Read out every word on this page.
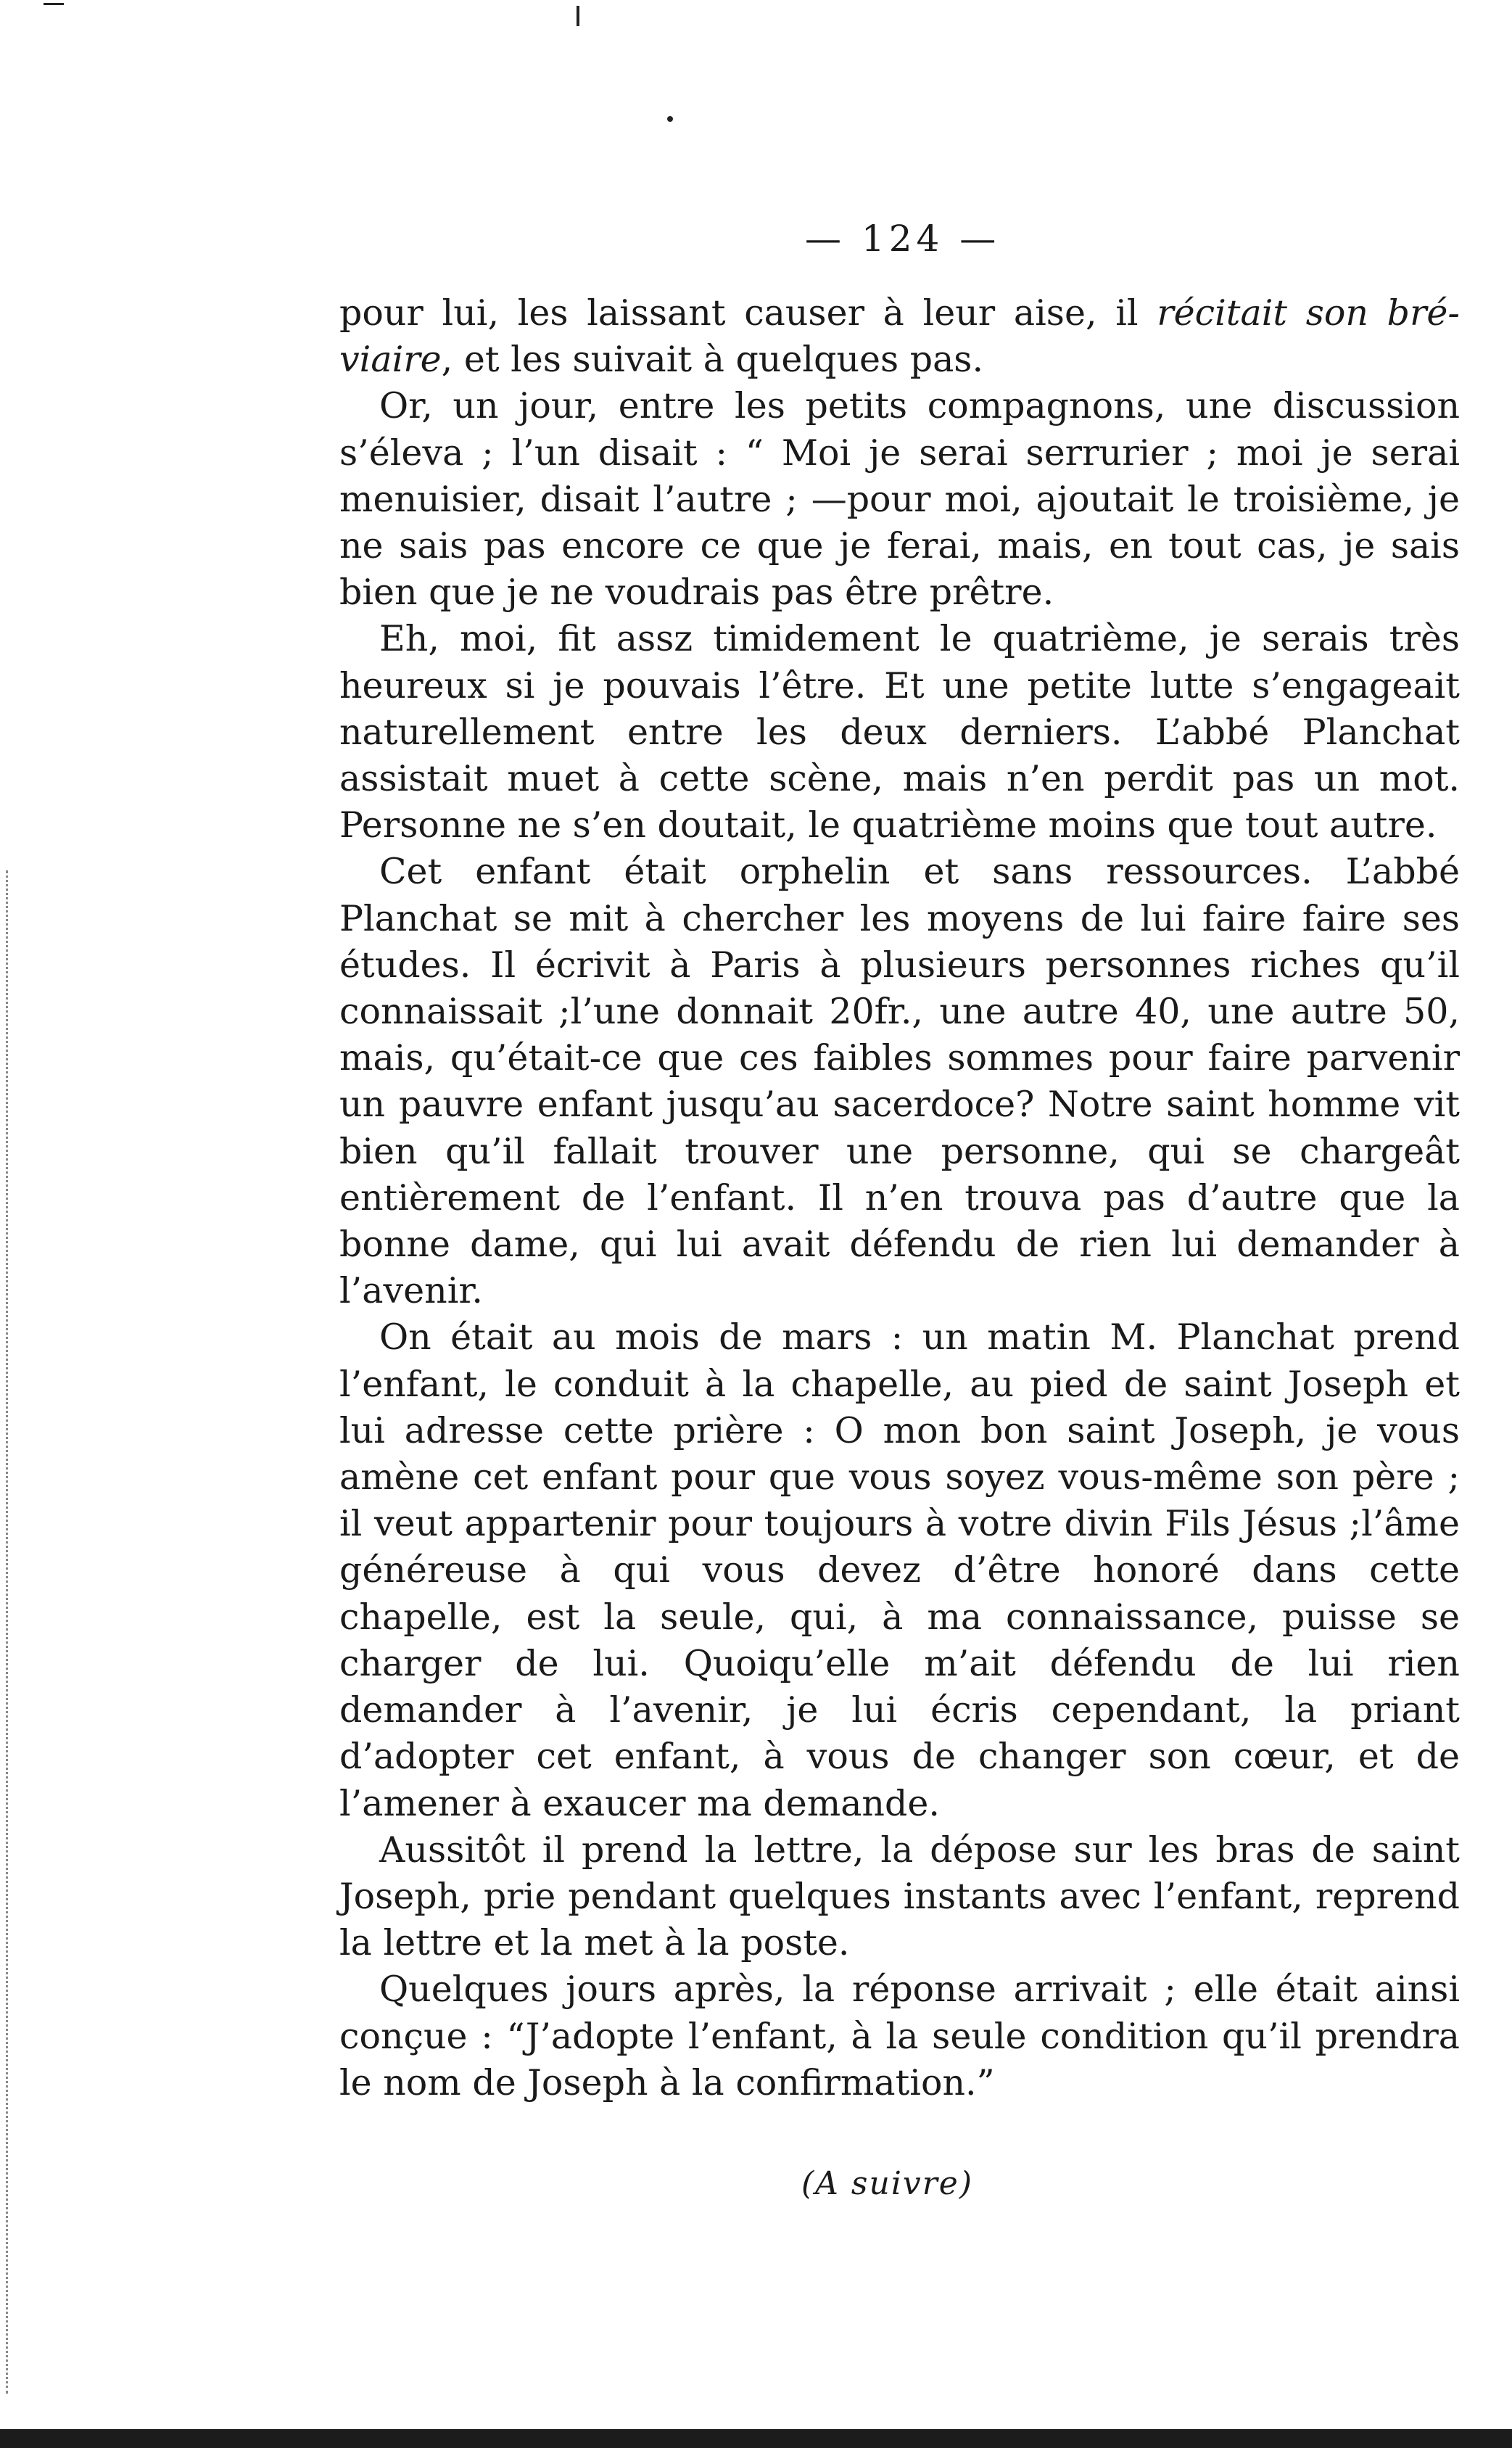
— 124 —

pour lui, les laissant causer à leur aise, il récitait son bré-viaire, et les suivait à quelques pas.

Or, un jour, entre les petits compagnons, une discussion s’éleva ; l’un disait : “ Moi je serai serrurier ; moi je serai menuisier, disait l’autre ; —pour moi, ajoutait le troisième, je ne sais pas encore ce que je ferai, mais, en tout cas, je sais bien que je ne voudrais pas être prêtre.

Eh, moi, fit assz timidement le quatrième, je serais très heureux si je pouvais l’être. Et une petite lutte s’engageait naturellement entre les deux derniers. L’abbé Planchat assistait muet à cette scène, mais n’en perdit pas un mot. Personne ne s’en doutait, le quatrième moins que tout autre.

Cet enfant était orphelin et sans ressources. L’abbé Planchat se mit à chercher les moyens de lui faire faire ses études. Il écrivit à Paris à plusieurs personnes riches qu’il connaissait ;l’une donnait 20fr., une autre 40, une autre 50, mais, qu’était-ce que ces faibles sommes pour faire parvenir un pauvre enfant jusqu’au sacerdoce? Notre saint homme vit bien qu’il fallait trouver une personne, qui se chargeât entièrement de l’enfant. Il n’en trouva pas d’autre que la bonne dame, qui lui avait défendu de rien lui demander à l’avenir.

On était au mois de mars : un matin M. Planchat prend l’enfant, le conduit à la chapelle, au pied de saint Joseph et lui adresse cette prière : O mon bon saint Joseph, je vous amène cet enfant pour que vous soyez vous-même son père ; il veut appartenir pour toujours à votre divin Fils Jésus ;l’âme généreuse à qui vous devez d’être honoré dans cette chapelle, est la seule, qui, à ma connaissance, puisse se charger de lui. Quoiqu’elle m’ait défendu de lui rien demander à l’avenir, je lui écris cependant, la priant d’adopter cet enfant, à vous de changer son cœur, et de l’amener à exaucer ma demande.

Aussitôt il prend la lettre, la dépose sur les bras de saint Joseph, prie pendant quelques instants avec l’enfant, reprend la lettre et la met à la poste.

Quelques jours après, la réponse arrivait ; elle était ainsi conçue : “J’adopte l’enfant, à la seule condition qu’il prendra le nom de Joseph à la confirmation.”

(A suivre)
